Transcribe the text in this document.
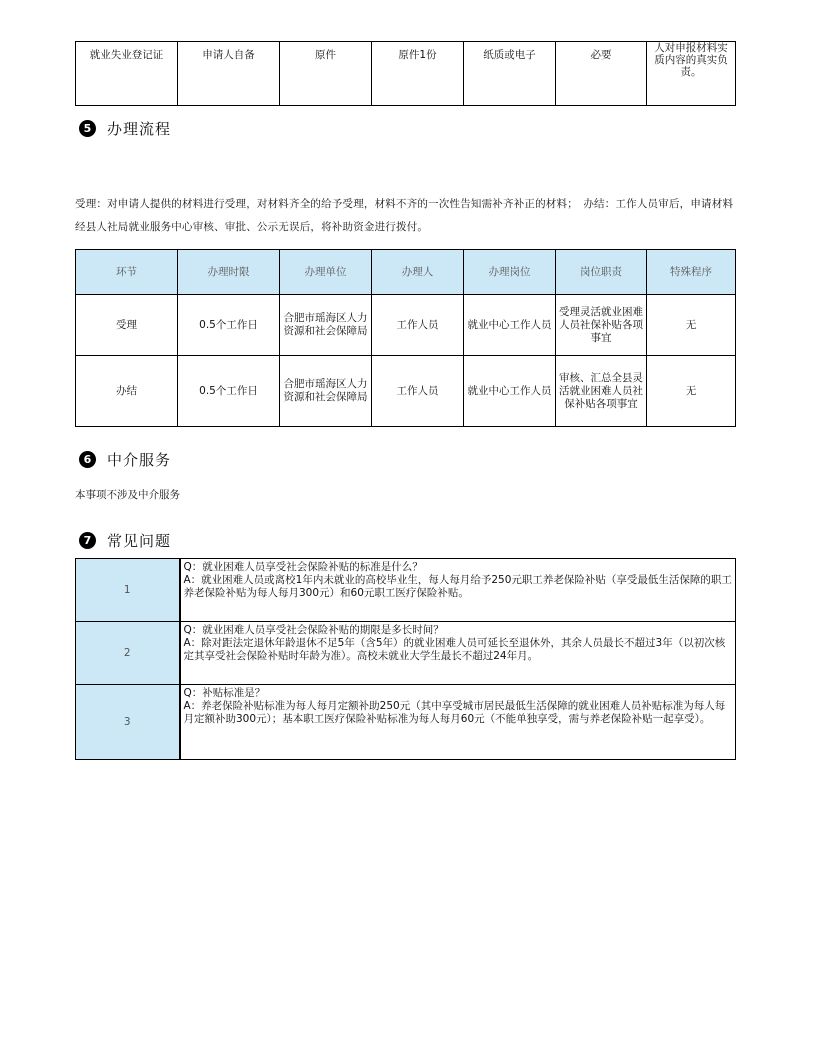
就业失业登记证	申请人自备	原件	原件1份	纸质或电子	必要	人对申报材料实质内容的真实负责。
5	办理流程
受理：对申请人提供的材料进行受理，对材料齐全的给予受理，材料不齐的一次性告知需补齐补正的材料；　办结：工作人员审后，申请材料经县人社局就业服务中心审核、审批、公示无误后，将补助资金进行拨付。
环节	办理时限	办理单位	办理人	办理岗位	岗位职责	特殊程序
受理	0.5个工作日	合肥市瑶海区人力资源和社会保障局	工作人员	就业中心工作人员	受理灵活就业困难人员社保补贴各项事宜	无
办结	0.5个工作日	合肥市瑶海区人力资源和社会保障局	工作人员	就业中心工作人员	审核、汇总全县灵活就业困难人员社保补贴各项事宜	无
6	中介服务
本事项不涉及中介服务
7	常见问题
1	Q：就业困难人员享受社会保险补贴的标准是什么？
A：就业困难人员或离校1年内未就业的高校毕业生，每人每月给予250元职工养老保险补贴（享受最低生活保障的职工养老保险补贴为每人每月300元）和60元职工医疗保险补贴。

2	Q：就业困难人员享受社会保险补贴的期限是多长时间？
A：除对距法定退休年龄退休不足5年（含5年）的就业困难人员可延长至退休外，其余人员最长不超过3年（以初次核定其享受社会保险补贴时年龄为准）。高校未就业大学生最长不超过24年月。

3	Q：补贴标准是？
A：养老保险补贴标准为每人每月定额补助250元（其中享受城市居民最低生活保障的就业困难人员补贴标准为每人每月定额补助300元）；基本职工医疗保险补贴标准为每人每月60元（不能单独享受，需与养老保险补贴一起享受）。
